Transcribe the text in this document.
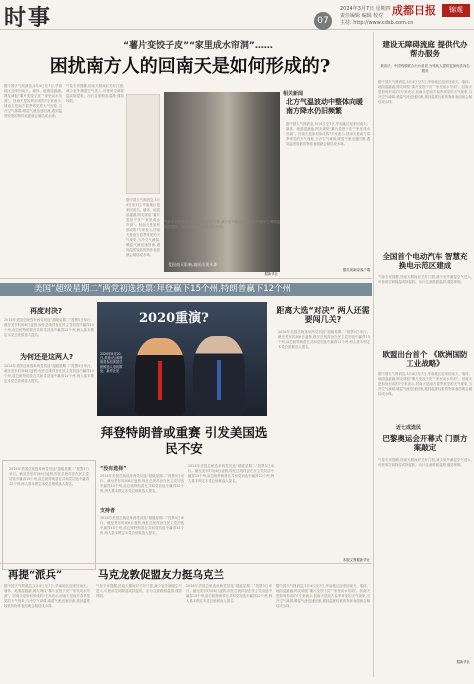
时事	07
2024年3月7日 星期四
责任编辑 编辑 校对
主持: http://www.cdsb.com.cn
成都日报	锦观
“薯片变饺子皮”“家里成水帘洞”……
困扰南方人的回南天是如何形成的?
据中国天气网消息,3月4日至7日,华南地区迎来回南天。墙体、地面湿漉漉,网友调侃“薯片变饺子皮”“家里成水帘洞”。回南天是如何形成的?专家表示,回南天是南方春季常见的天气现象,当冷空气减弱,暖湿气流迅速回流,遇到温度较低的物体表面就会凝结成水珠。
气象专家提醒,回南天期间应关好门窗,减少室外潮湿空气进入,可使用空调除湿或除湿机。出行注意路面湿滑,谨防摔倒。
受回南天影响,墙面出现水珠
据中国天气网消息,3月4日至7日,华南地区迎来回南天。墙体、地面湿漉漉,网友调侃“薯片变饺子皮”“家里成水帘洞”。回南天是如何形成的?专家表示,回南天是南方春季常见的天气现象,当冷空气减弱,暖湿气流迅速回流,遇到温度较低的物体表面就会凝结成水珠。
气象专家提醒,回南天期间应关好门窗,减少室外潮湿空气进入,可使用空调除湿或除湿机。出行注意路面湿滑,谨防摔倒。
据新华社
相关新闻
北方气温波动中整体向暖 南方降水仍旧频繁
据中国天气网消息,3月4日至7日,华南地区迎来回南天。墙体、地面湿漉漉,网友调侃“薯片变饺子皮”“家里成水帘洞”。回南天是如何形成的?专家表示,回南天是南方春季常见的天气现象,当冷空气减弱,暖湿气流迅速回流,遇到温度较低的物体表面就会凝结成水珠。
据央视新闻客户端
建设无障碍流庭 提供代办帮办服务
最高法、中国残联联合出台意见 为残疾人提供更加优质诉讼服务
据中国天气网消息,3月4日至7日,华南地区迎来回南天。墙体、地面湿漉漉,网友调侃“薯片变饺子皮”“家里成水帘洞”。回南天是如何形成的?专家表示,回南天是南方春季常见的天气现象,当冷空气减弱,暖湿气流迅速回流,遇到温度较低的物体表面就会凝结成水珠。
全国首个电动汽车 智慧充换电示范区建成
气象专家提醒,回南天期间应关好门窗,减少室外潮湿空气进入,可使用空调除湿或除湿机。出行注意路面湿滑,谨防摔倒。
欧盟出台首个 《欧洲国防工业战略》
据中国天气网消息,3月4日至7日,华南地区迎来回南天。墙体、地面湿漉漉,网友调侃“薯片变饺子皮”“家里成水帘洞”。回南天是如何形成的?专家表示,回南天是南方春季常见的天气现象,当冷空气减弱,暖湿气流迅速回流,遇到温度较低的物体表面就会凝结成水珠。
近七成选民
巴黎奥运会开幕式 门票方案敲定
气象专家提醒,回南天期间应关好门窗,减少室外潮湿空气进入,可使用空调除湿或除湿机。出行注意路面湿滑,谨防摔倒。
据新华社
美国“超级星期二”两党初选投票:拜登赢下15个州,特朗普赢下12个州
再度对决?
2024年美国总统选举两党初选“超级星期二”投票5日举行。截至美东时间6日凌晨,现任总统拜登在民主党初选中赢得15个州,前总统特朗普在共和党初选中赢得12个州,两人基本锁定本党总统候选人提名。
为何还是这两人?
2024年美国总统选举两党初选“超级星期二”投票5日举行。截至美东时间6日凌晨,现任总统拜登在民主党初选中赢得15个州,前总统特朗普在共和党初选中赢得12个州,两人基本锁定本党总统候选人提名。
2024年美国总统选举两党初选“超级星期二”投票5日举行。截至美东时间6日凌晨,现任总统拜登在民主党初选中赢得15个州,前总统特朗普在共和党初选中赢得12个州,两人基本锁定本党总统候选人提名。
2020重演?
2020年8月20日,拜登(右)和特朗普参加美国总统候选人电视辩论。新华社发
距离大选“对决” 两人还需要闯几关?
2024年美国总统选举两党初选“超级星期二”投票5日举行。截至美东时间6日凌晨,现任总统拜登在民主党初选中赢得15个州,前总统特朗普在共和党初选中赢得12个州,两人基本锁定本党总统候选人提名。
拜登特朗普或重赛 引发美国选民不安
“没有选择”
2024年美国总统选举两党初选“超级星期二”投票5日举行。截至美东时间6日凌晨,现任总统拜登在民主党初选中赢得15个州,前总统特朗普在共和党初选中赢得12个州,两人基本锁定本党总统候选人提名。
支持者
2024年美国总统选举两党初选“超级星期二”投票5日举行。截至美东时间6日凌晨,现任总统拜登在民主党初选中赢得15个州,前总统特朗普在共和党初选中赢得12个州,两人基本锁定本党总统候选人提名。
2024年美国总统选举两党初选“超级星期二”投票5日举行。截至美东时间6日凌晨,现任总统拜登在民主党初选中赢得15个州,前总统特朗普在共和党初选中赢得12个州,两人基本锁定本党总统候选人提名。
本版文图据新华社
再提“派兵”	马克龙敦促盟友力挺乌克兰
据中国天气网消息,3月4日至7日,华南地区迎来回南天。墙体、地面湿漉漉,网友调侃“薯片变饺子皮”“家里成水帘洞”。回南天是如何形成的?专家表示,回南天是南方春季常见的天气现象,当冷空气减弱,暖湿气流迅速回流,遇到温度较低的物体表面就会凝结成水珠。
气象专家提醒,回南天期间应关好门窗,减少室外潮湿空气进入,可使用空调除湿或除湿机。出行注意路面湿滑,谨防摔倒。
2024年美国总统选举两党初选“超级星期二”投票5日举行。截至美东时间6日凌晨,现任总统拜登在民主党初选中赢得15个州,前总统特朗普在共和党初选中赢得12个州,两人基本锁定本党总统候选人提名。
据中国天气网消息,3月4日至7日,华南地区迎来回南天。墙体、地面湿漉漉,网友调侃“薯片变饺子皮”“家里成水帘洞”。回南天是如何形成的?专家表示,回南天是南方春季常见的天气现象,当冷空气减弱,暖湿气流迅速回流,遇到温度较低的物体表面就会凝结成水珠。
